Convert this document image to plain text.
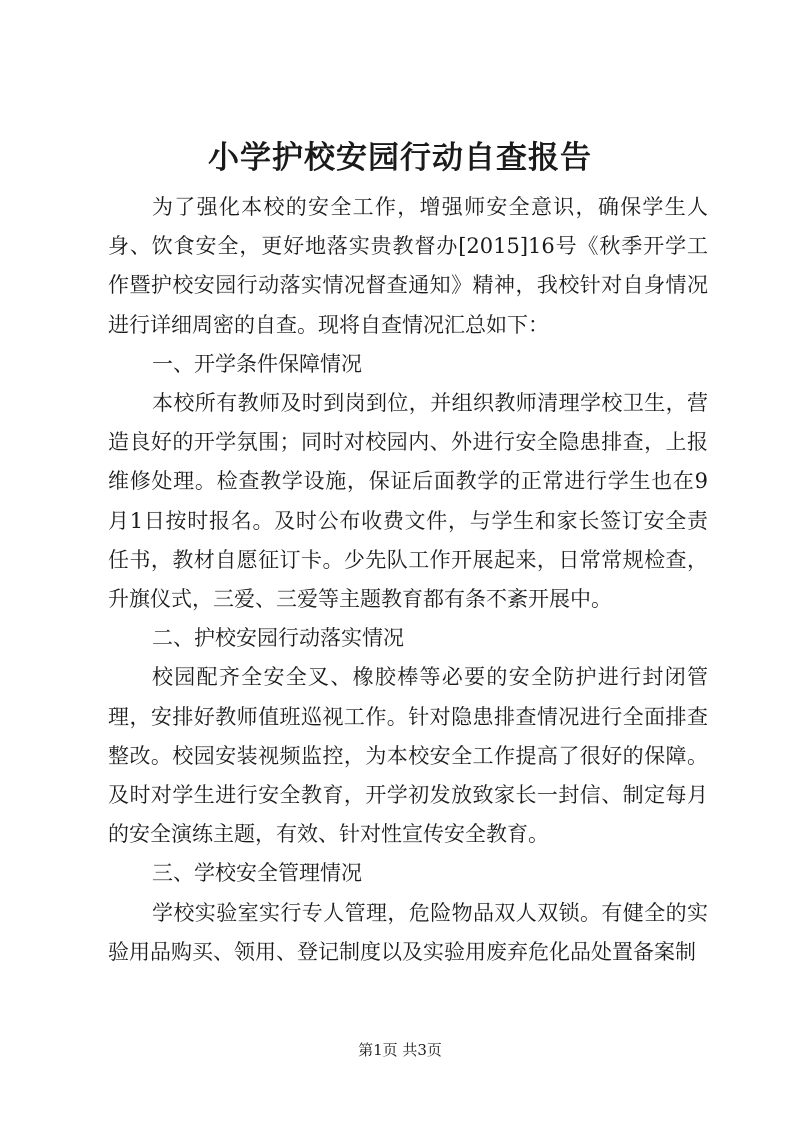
小学护校安园行动自查报告

为了强化本校的安全工作，增强师安全意识，确保学生人身、饮食安全，更好地落实贵教督办[2015]16号《秋季开学工作暨护校安园行动落实情况督查通知》精神，我校针对自身情况进行详细周密的自查。现将自查情况汇总如下：

一、开学条件保障情况

本校所有教师及时到岗到位，并组织教师清理学校卫生，营造良好的开学氛围；同时对校园内、外进行安全隐患排查，上报维修处理。检查教学设施，保证后面教学的正常进行学生也在9月1日按时报名。及时公布收费文件，与学生和家长签订安全责任书，教材自愿征订卡。少先队工作开展起来，日常常规检查，升旗仪式，三爱、三爱等主题教育都有条不紊开展中。

二、护校安园行动落实情况

校园配齐全安全叉、橡胶棒等必要的安全防护进行封闭管理，安排好教师值班巡视工作。针对隐患排查情况进行全面排查整改。校园安装视频监控，为本校安全工作提高了很好的保障。及时对学生进行安全教育，开学初发放致家长一封信、制定每月的安全演练主题，有效、针对性宣传安全教育。

三、学校安全管理情况

学校实验室实行专人管理，危险物品双人双锁。有健全的实验用品购买、领用、登记制度以及实验用废弃危化品处置备案制

第1页 共3页
